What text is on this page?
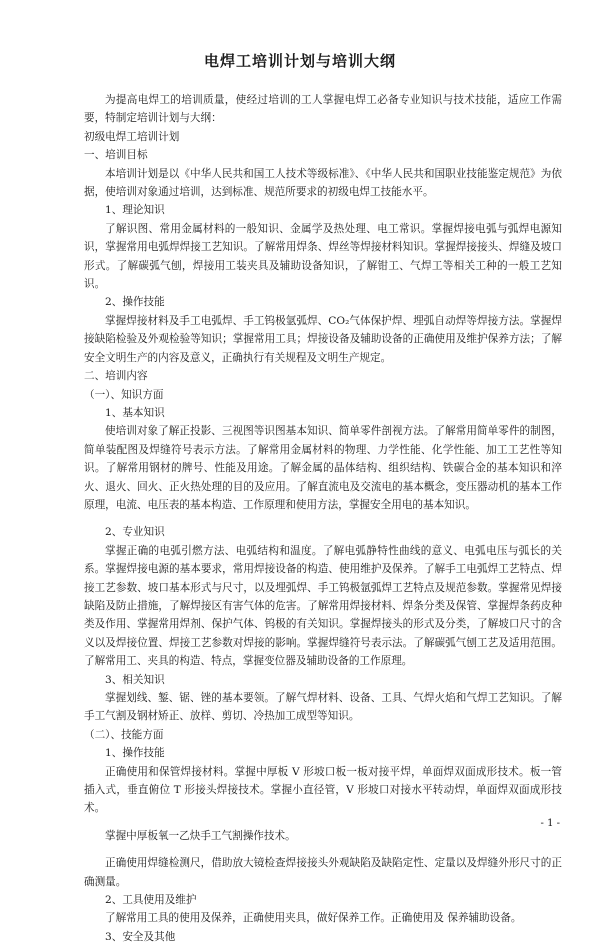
电焊工培训计划与培训大纲

为提高电焊工的培训质量，使经过培训的工人掌握电焊工必备专业知识与技术技能，适应工作需要，特制定培训计划与大纲：

初级电焊工培训计划

一、培训目标

本培训计划是以《中华人民共和国工人技术等级标准》、《中华人民共和国职业技能鉴定规范》为依据，使培训对象通过培训，达到标准、规范所要求的初级电焊工技能水平。

1、理论知识

了解识图、常用金属材料的一般知识、金属学及热处理、电工常识。掌握焊接电弧与弧焊电源知识，掌握常用电弧焊焊接工艺知识。了解常用焊条、焊丝等焊接材料知识。掌握焊接接头、焊缝及坡口形式。了解碳弧气刨，焊接用工装夹具及辅助设备知识，了解钳工、气焊工等相关工种的一般工艺知识。

2、操作技能

掌握焊接材料及手工电弧焊、手工钨极氩弧焊、CO₂气体保护焊、埋弧自动焊等焊接方法。掌握焊接缺陷检验及外观检验等知识；掌握常用工具；焊接设备及辅助设备的正确使用及维护保养方法；了解安全文明生产的内容及意义，正确执行有关规程及文明生产规定。

二、培训内容

（一）、知识方面

1、基本知识

使培训对象了解正投影、三视图等识图基本知识、简单零件剖视方法。了解常用简单零件的制图，简单装配图及焊缝符号表示方法。了解常用金属材料的物理、力学性能、化学性能、加工工艺性等知识。了解常用钢材的牌号、性能及用途。了解金属的晶体结构、组织结构、铁碳合金的基本知识和淬火、退火、回火、正火热处理的目的及应用。了解直流电及交流电的基本概念，变压器动机的基本工作原理，电流、电压表的基本构造、工作原理和使用方法，掌握安全用电的基本知识。

2、专业知识

掌握正确的电弧引燃方法、电弧结构和温度。了解电弧静特性曲线的意义、电弧电压与弧长的关系。掌握焊接电源的基本要求，常用焊接设备的构造、使用维护及保养。了解手工电弧焊工艺特点、焊接工艺参数、坡口基本形式与尺寸，以及埋弧焊、手工钨极氩弧焊工艺特点及规范参数。掌握常见焊接缺陷及防止措施，了解焊接区有害气体的危害。了解常用焊接材料、焊条分类及保管、掌握焊条药皮种类及作用、掌握常用焊剂、保护气体、钨极的有关知识。掌握焊接头的形式及分类，了解坡口尺寸的含义以及焊接位置、焊接工艺参数对焊接的影响。掌握焊缝符号表示法。了解碳弧气刨工艺及适用范围。了解常用工、夹具的构造、特点，掌握变位器及辅助设备的工作原理。

3、相关知识

掌握划线、錾、锯、锉的基本要领。了解气焊材料、设备、工具、气焊火焰和气焊工艺知识。了解手工气割及钢材矫正、放样、剪切、冷热加工成型等知识。

（二）、技能方面

1、操作技能

正确使用和保管焊接材料。掌握中厚板 V 形坡口板一板对接平焊，单面焊双面成形技术。板一管插入式，垂直俯位 T 形接头焊接技术。掌握小直径管，V 形坡口对接水平转动焊，单面焊双面成形技术。

掌握中厚板氧一乙炔手工气割操作技术。

正确使用焊缝检测尺，借助放大镜检查焊接接头外观缺陷及缺陷定性、定量以及焊缝外形尺寸的正确测量。

2、工具使用及维护

了解常用工具的使用及保养，正确使用夹具，做好保养工作。正确使用及 保养辅助设备。

3、安全及其他

- 1 -
